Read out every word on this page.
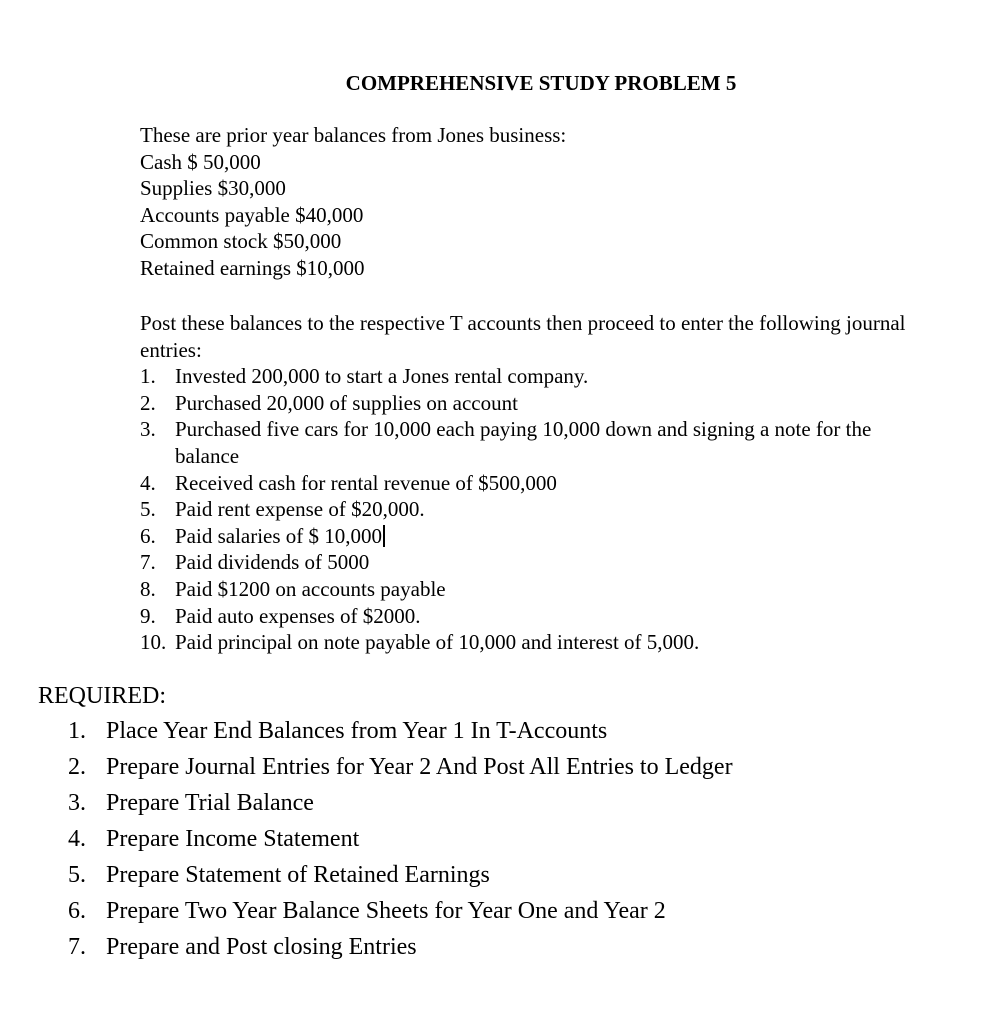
COMPREHENSIVE STUDY PROBLEM 5
These are prior year balances from Jones business:
Cash $ 50,000
Supplies $30,000
Accounts payable $40,000
Common stock $50,000
Retained earnings $10,000
Post these balances to the respective T accounts then proceed to enter the following journal entries:
1. Invested 200,000 to start a Jones rental company.
2. Purchased 20,000 of supplies on account
3. Purchased five cars for 10,000 each paying 10,000 down and signing a note for the balance
4. Received cash for rental revenue of $500,000
5. Paid rent expense of $20,000.
6. Paid salaries of $ 10,000
7. Paid dividends of 5000
8. Paid $1200 on accounts payable
9. Paid auto expenses of $2000.
10. Paid principal on note payable of 10,000 and interest of 5,000.
REQUIRED:
1. Place Year End Balances from Year 1 In T-Accounts
2. Prepare Journal Entries for Year 2 And Post All Entries to Ledger
3. Prepare Trial Balance
4. Prepare Income Statement
5. Prepare Statement of Retained Earnings
6. Prepare Two Year Balance Sheets for Year One and Year 2
7. Prepare and Post closing Entries
